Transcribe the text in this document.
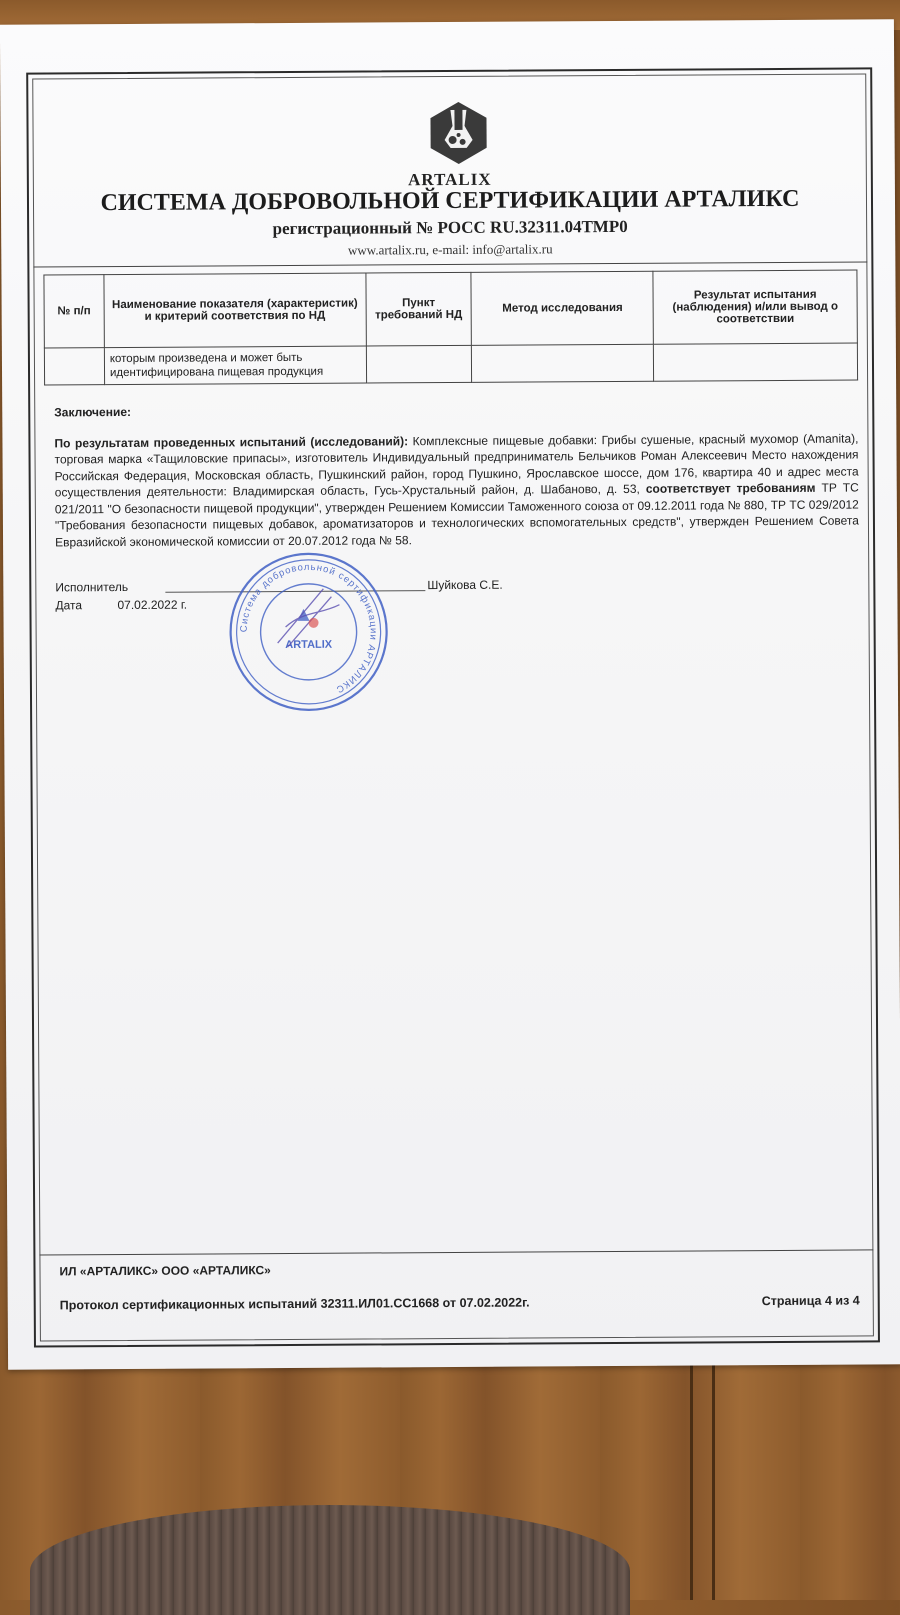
ARTALIX
СИСТЕМА ДОБРОВОЛЬНОЙ СЕРТИФИКАЦИИ АРТАЛИКС
регистрационный № РОСС RU.32311.04ТМР0
www.artalix.ru, e-mail: info@artalix.ru
№ п/п	Наименование показателя (характеристик) и критерий соответствия по НД	Пункт требований НД	Метод исследования	Результат испытания (наблюдения) и/или вывод о соответствии
	которым произведена и может быть идентифицирована пищевая продукция			
Заключение:
По результатам проведенных испытаний (исследований): Комплексные пищевые добавки: Грибы сушеные, красный мухомор (Amanita), торговая марка «Тащиловские припасы», изготовитель Индивидуальный предприниматель Бельчиков Роман Алексеевич Место нахождения Российская Федерация, Московская область, Пушкинский район, город Пушкино, Ярославское шоссе, дом 176, квартира 40 и адрес места осуществления деятельности: Владимирская область, Гусь-Хрустальный район, д. Шабаново, д. 53, соответствует требованиям ТР ТС 021/2011 "О безопасности пищевой продукции", утвержден Решением Комиссии Таможенного союза от 09.12.2011 года № 880, ТР ТС 029/2012 "Требования безопасности пищевых добавок, ароматизаторов и технологических вспомогательных средств", утвержден Решением Совета Евразийской экономической комиссии от 20.07.2012 года № 58.
Исполнитель	Шуйкова С.Е.
Дата	07.02.2022 г.
Система добровольной сертификации АРТАЛИКС
ARTALIX
ИЛ «АРТАЛИКС» ООО «АРТАЛИКС»
Протокол сертификационных испытаний 32311.ИЛ01.СС1668 от 07.02.2022г.	Страница 4 из 4
